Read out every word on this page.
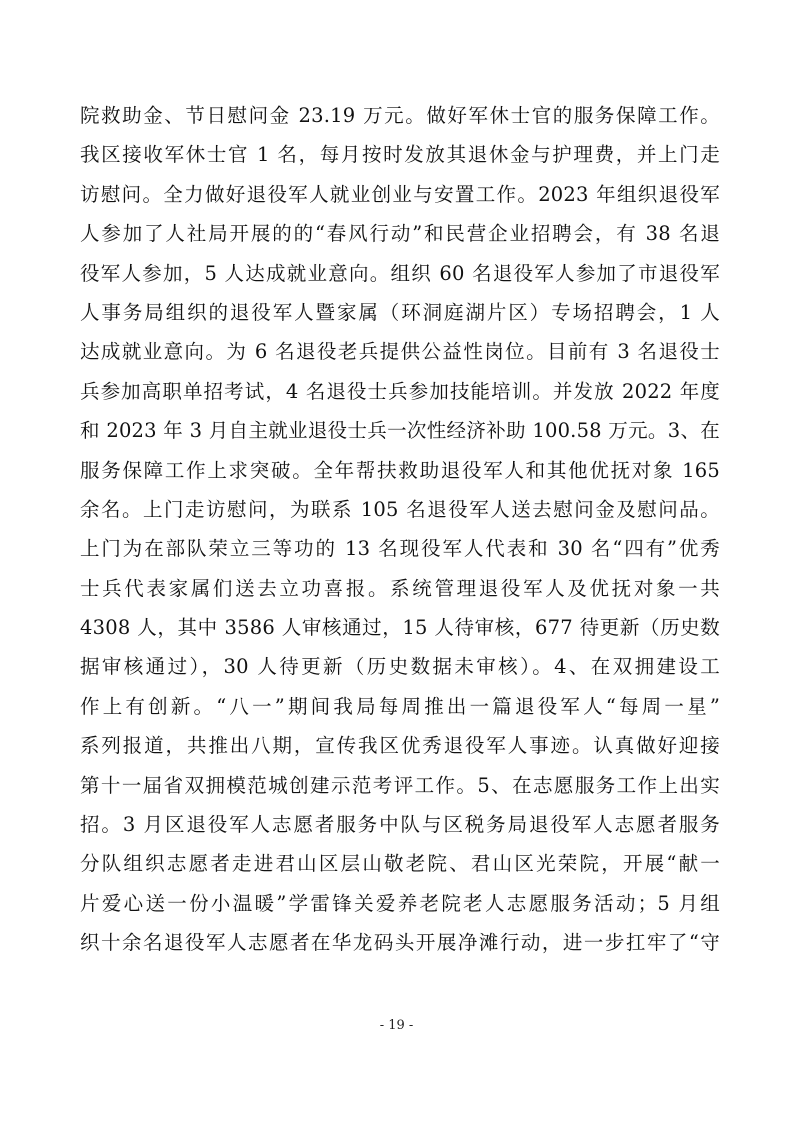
院救助金、节日慰问金 23.19 万元。做好军休士官的服务保障工作。
我区接收军休士官 1 名，每月按时发放其退休金与护理费，并上门走
访慰问。全力做好退役军人就业创业与安置工作。2023 年组织退役军
人参加了人社局开展的的“春风行动”和民营企业招聘会，有 38 名退
役军人参加，5 人达成就业意向。组织 60 名退役军人参加了市退役军
人事务局组织的退役军人暨家属（环洞庭湖片区）专场招聘会，1 人
达成就业意向。为 6 名退役老兵提供公益性岗位。目前有 3 名退役士
兵参加高职单招考试，4 名退役士兵参加技能培训。并发放 2022 年度
和 2023 年 3 月自主就业退役士兵一次性经济补助 100.58 万元。3、在
服务保障工作上求突破。全年帮扶救助退役军人和其他优抚对象 165
余名。上门走访慰问，为联系 105 名退役军人送去慰问金及慰问品。
上门为在部队荣立三等功的 13 名现役军人代表和 30 名“四有”优秀
士兵代表家属们送去立功喜报。系统管理退役军人及优抚对象一共
4308 人，其中 3586 人审核通过，15 人待审核，677 待更新（历史数
据审核通过），30 人待更新（历史数据未审核）。4、在双拥建设工
作上有创新。“八一”期间我局每周推出一篇退役军人“每周一星”
系列报道，共推出八期，宣传我区优秀退役军人事迹。认真做好迎接
第十一届省双拥模范城创建示范考评工作。5、在志愿服务工作上出实
招。3 月区退役军人志愿者服务中队与区税务局退役军人志愿者服务
分队组织志愿者走进君山区层山敬老院、君山区光荣院，开展“献一
片爱心送一份小温暖”学雷锋关爱养老院老人志愿服务活动；5 月组
织十余名退役军人志愿者在华龙码头开展净滩行动，进一步扛牢了“守
- 19 -
